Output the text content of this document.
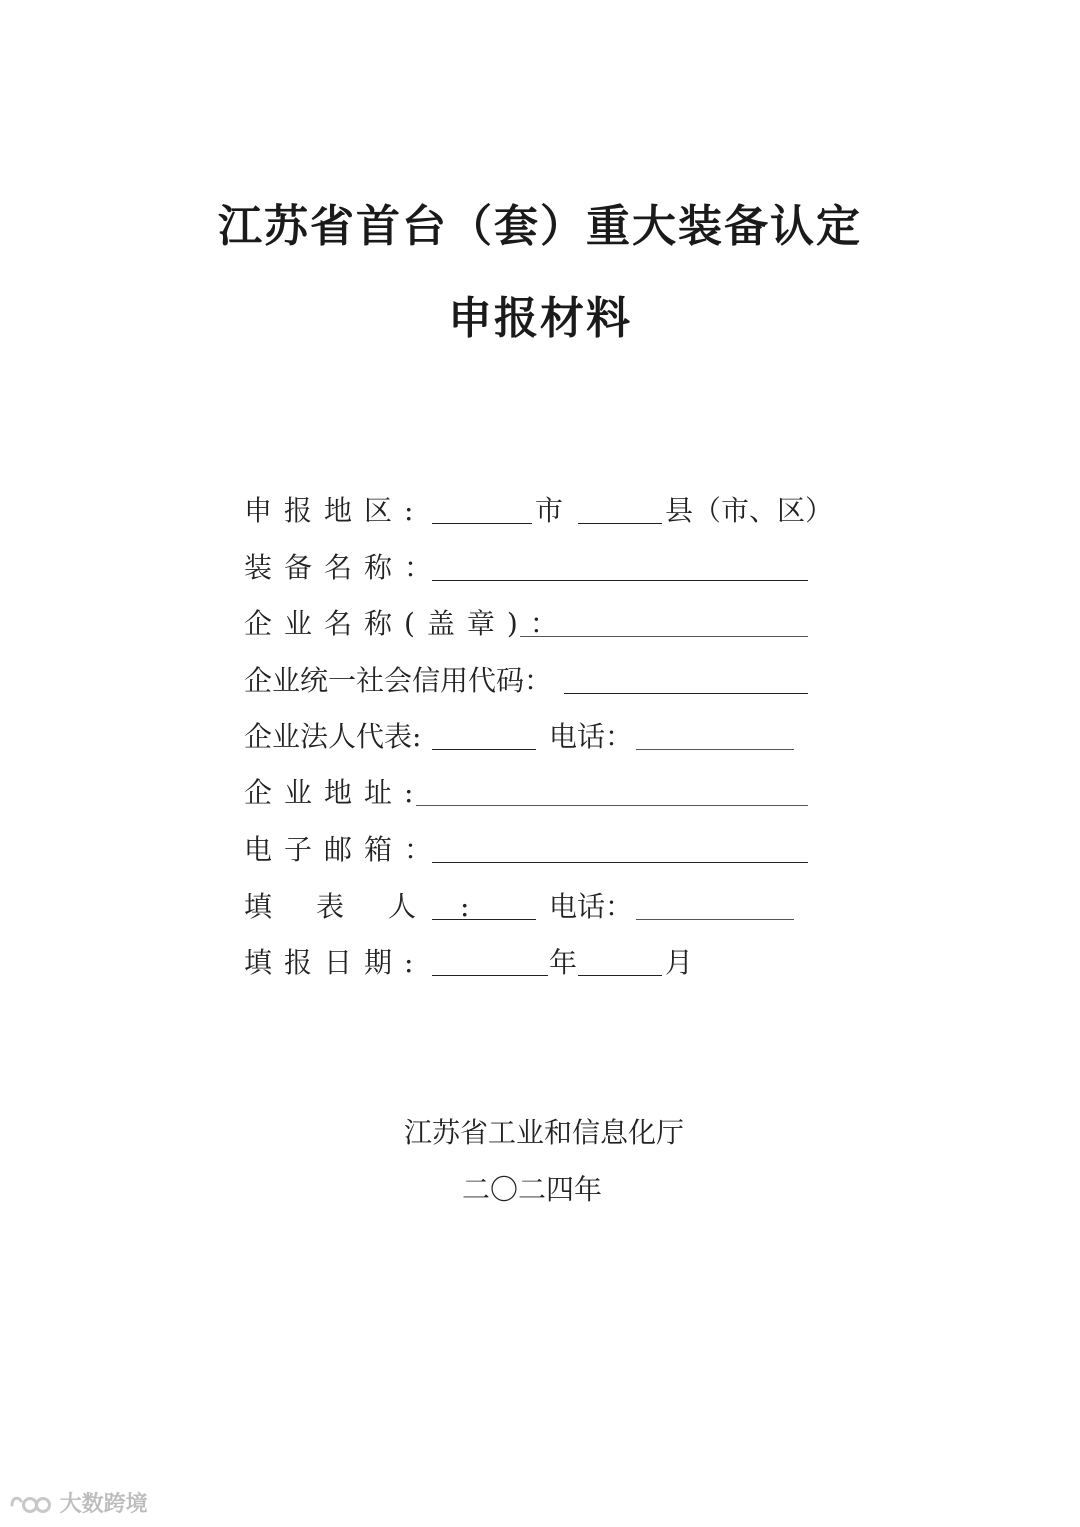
江苏省首台（套）重大装备认定
申报材料
申报地区:	市	县（市、区）
装备名称：
企业名称(盖章)：
企业统一社会信用代码：
企业法人代表:	电话：
企业地址:
电子邮箱：
填表人: 电话：
填报日期:	年	月
江苏省工业和信息化厅
二〇二四年
大数跨境
